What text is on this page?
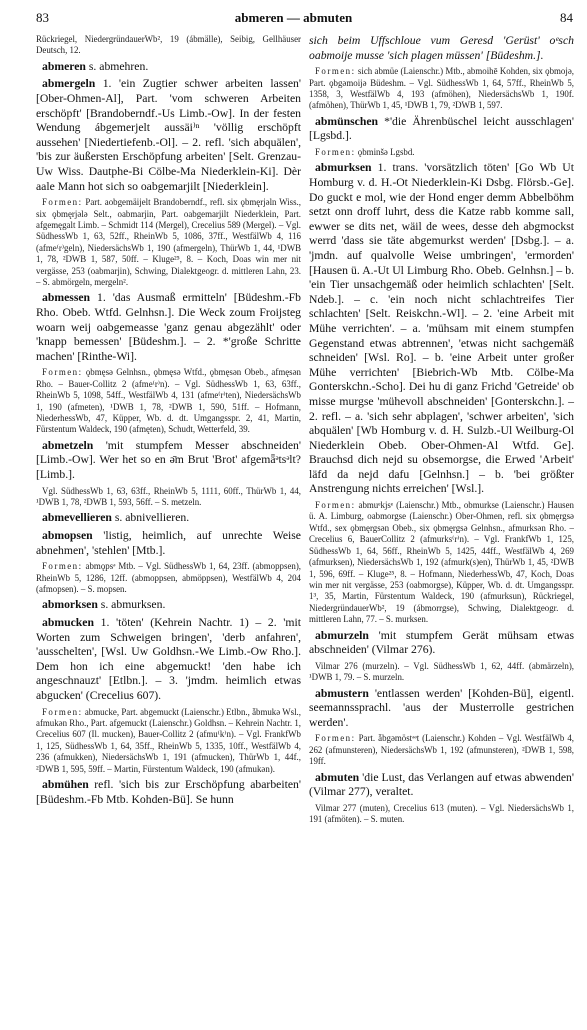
83	abmeren — abmuten	84

Rückriegel, NiedergründauerWb², 19 (ábmälle), Seibig, Gellhäuser Deutsch, 12.

abmeren s. abmehren.

abmergeln 1. 'ein Zugtier schwer arbeiten lassen' [Ober-Ohmen-Al], Part. 'vom schweren Arbeiten erschöpft' [Brandoberndf.-Us Limb.-Ow]. In der festen Wendung ábgemerjelt aussäi⁾ⁿ 'völlig erschöpft aussehen' [Niedertiefenb.-Ol]. – 2. refl. 'sich abquälen', 'bis zur äußersten Erschöpfung arbeiten' [Selt. Grenzau-Uw Wiss. Dautphe-Bi Cölbe-Ma Niederklein-Ki]. Dèr aale Mann hot sich so oabgemarjilt [Niederklein].

Formen: Part. aobgemäijelt Brandoberndf., refl. six ǫbmęrjǝln Wiss., six ǫbmęrjǝlǝ Selt., oabmarjin, Part. oabgemarjilt Niederklein, Part. afgemęgalt Limb. – Schmidt 114 (Mergel), Crecelius 589 (Mergel). – Vgl. SüdhessWb 1, 63, 52ff., RheinWb 5, 1086, 37ff., WestfälWb 4, 116 (afme⁽r⁾geln), NiedersächsWb 1, 190 (afmergeln), ThürWb 1, 44, ¹DWB 1, 78, ²DWB 1, 587, 50ff. – Kluge²⁵, 8. – Koch, Doas win mer nit vergässe, 253 (oabmarjin), Schwing, Dialektgeogr. d. mittleren Lahn, 23. – S. abmörgeln, mergeln².

abmessen 1. 'das Ausmaß ermitteln' [Büdeshm.-Fb Rho. Obeb. Wtfd. Gelnhsn.]. Die Weck zoum Froijsteg woarn weij oabgemeasse 'ganz genau abgezählt' oder 'knapp bemessen' [Büdeshm.]. – 2. *'große Schritte machen' [Rinthe-Wi].

Formen: ǫbmęsǝ Gelnhsn., ǫbmęsǝ Wtfd., ǫbmęsǝn Obeb., afmęsǝn Rho. – Bauer-Collitz 2 (afme⁽r⁾n). – Vgl. SüdhessWb 1, 63, 63ff., RheinWb 5, 1098, 54ff., WestfälWb 4, 131 (afme⁽r⁾ten), NiedersächsWb 1, 190 (afmeten), ¹DWB 1, 78, ²DWB 1, 590, 51ff. – Hofmann, NiederhessWb, 47, Küpper, Wb. d. dt. Umgangsspr. 2, 41, Martin, Fürstentum Waldeck, 190 (afmęten), Schudt, Wetterfeld, 39.

abmetzeln 'mit stumpfem Messer abschneiden' [Limb.-Ow]. Wer het so en ǝ̄m Brut 'Brot' afgemǟᵊtsᵊlt? [Limb.].

Vgl. SüdhessWb 1, 63, 63ff., RheinWb 5, 1111, 60ff., ThürWb 1, 44, ¹DWB 1, 78, ²DWB 1, 593, 56ff. – S. metzeln.

abmevellieren s. abnivellieren.

abmopsen 'listig, heimlich, auf unrechte Weise abnehmen', 'stehlen' [Mtb.].

Formen: abmǫpsᵊ Mtb. – Vgl. SüdhessWb 1, 64, 23ff. (abmoppsen), RheinWb 5, 1286, 12ff. (abmoppsen, abmöppsen), WestfälWb 4, 204 (afmopsen). – S. mopsen.

abmorksen s. abmurksen.

abmucken 1. 'töten' (Kehrein Nachtr. 1) – 2. 'mit Worten zum Schweigen bringen', 'derb anfahren', 'ausschelten', [Wsl. Uw Goldhsn.-We Limb.-Ow Rho.]. Dem hon ich eine abgemuckt! 'den habe ich angeschnauzt' [Etlbn.]. – 3. 'jmdm. heimlich etwas abgucken' (Crecelius 607).

Formen: abmucke, Part. abgemuckt (Laienschr.) Etlbn., ǡbmukǝ Wsl., afmukǝn Rho., Part. afgemuckt (Laienschr.) Goldhsn. – Kehrein Nachtr. 1, Crecelius 607 (Il. mucken), Bauer-Collitz 2 (afmu⁽k⁾n). – Vgl. FrankfWb 1, 125, SüdhessWb 1, 64, 35ff., RheinWb 5, 1335, 10ff., WestfälWb 4, 236 (afmukken), NiedersächsWb 1, 191 (afmucken), ThürWb 1, 44f., ²DWB 1, 595, 59ff. – Martin, Fürstentum Waldeck, 190 (afmukǝn).

abmühen refl. 'sich bis zur Erschöpfung abarbeiten' [Büdeshm.-Fb Mtb. Kohden-Bü]. Se hunn

sich beim Uffschloue vum Geresd 'Gerüst' oᵉsch oabmoije musse 'sich plagen müssen' [Büdeshm.].

Formen: sich abmüe (Laienschr.) Mtb., abmoihē Kohden, six ǫbmojǝ, Part. ǫbgǝmoijǝ Büdeshm. – Vgl. SüdhessWb 1, 64, 57ff., RheinWb 5, 1358, 3, WestfälWb 4, 193 (afmöhen), NiedersächsWb 1, 190f. (afmöhen), ThürWb 1, 45, ¹DWB 1, 79, ²DWB 1, 597.

abmünschen *'die Ährenbüschel leicht ausschlagen' [Lgsbd.].

Formen: ǫbminšǝ Lgsbd.

abmurksen 1. trans. 'vorsätzlich töten' [Go Wb Ut Homburg v. d. H.-Ot Niederklein-Ki Dsbg. Flörsb.-Ge]. Do guckt e mol, wie der Hond enger demm Abbelböhm setzt onn droff luhrt, dess die Katze rabb komme sall, ewwer se dits net, wäil de wees, desse deh abgmockst werrd 'dass sie täte abgemurkst werden' [Dsbg.]. – a. 'jmdn. auf qualvolle Weise umbringen', 'ermorden' [Hausen ü. A.-Ut Ul Limburg Rho. Obeb. Gelnhsn.] – b. 'ein Tier unsachgemäß oder heimlich schlachten' [Selt. Ndeb.]. – c. 'ein noch nicht schlachtreifes Tier schlachten' [Selt. Reiskchn.-Wl]. – 2. 'eine Arbeit mit Mühe verrichten'. – a. 'mühsam mit einem stumpfen Gegenstand etwas abtrennen', 'etwas nicht sachgemäß schneiden' [Wsl. Ro]. – b. 'eine Arbeit unter großer Mühe verrichten' [Biebrich-Wb Mtb. Cölbe-Ma Gonterskchn.-Scho]. Dei hu di ganz Frichd 'Getreide' ob misse murgse 'mühevoll abschneiden' [Gonterskchn.]. – 2. refl. – a. 'sich sehr abplagen', 'schwer arbeiten', 'sich abquälen' [Wb Homburg v. d. H. Sulzb.-Ul Weilburg-Ol Niederklein Obeb. Ober-Ohmen-Al Wtfd. Ge]. Brauchsd dich nejd su obsemorgse, die Erwed 'Arbeit' läfd da nejd dafu [Gelnhsn.] – b. 'bei größter Anstrengung nichts erreichen' [Wsl.].

Formen: abmuᵉkjsᵉ (Laienschr.) Mtb., obmurkse (Laienschr.) Hausen ü. A. Limburg, oabmorgse (Laienschr.) Ober-Ohmen, refl. six ǫbmęrgsǝ Wtfd., sex ǫbmęrgsǝn Obeb., six ǫbmęrgsǝ Gelnhsn., afmurksǝn Rho. – Crecelius 6, BauerCollitz 2 (afmurks⁽r⁾n). – Vgl. FrankfWb 1, 125, SüdhessWb 1, 64, 56ff., RheinWb 5, 1425, 44ff., WestfälWb 4, 269 (afmurksen), NiedersächsWb 1, 192 (afmurk(s)en), ThürWb 1, 45, ²DWB 1, 596, 69ff. – Kluge²⁵, 8. – Hofmann, NiederhessWb, 47, Koch, Doas win mer nit vergässe, 253 (oabmorgse), Küpper, Wb. d. dt. Umgangsspr. 1³, 35, Martin, Fürstentum Waldeck, 190 (afmurksun), Rückriegel, NiedergründauerWb², 19 (ábmorrgse), Schwing, Dialektgeogr. d. mittleren Lahn, 77. – S. murksen.

abmurzeln 'mit stumpfem Gerät mühsam etwas abschneiden' (Vilmar 276).

Vilmar 276 (murzeln). – Vgl. SüdhessWb 1, 62, 44ff. (abmärzeln), ¹DWB 1, 79. – S. murzeln.

abmustern 'entlassen werden' [Kohden-Bü], eigentl. seemannssprachl. 'aus der Musterrolle gestrichen werden'.

Formen: Part. ǡbgǝmöstᵊᵊt (Laienschr.) Kohden – Vgl. WestfälWb 4, 262 (afmunsteren), NiedersächsWb 1, 192 (afmunsteren), ²DWB 1, 598, 19ff.

abmuten 'die Lust, das Verlangen auf etwas abwenden' (Vilmar 277), veraltet.

Vilmar 277 (muten), Crecelius 613 (muten). – Vgl. NiedersächsWb 1, 191 (afmöten). – S. muten.
